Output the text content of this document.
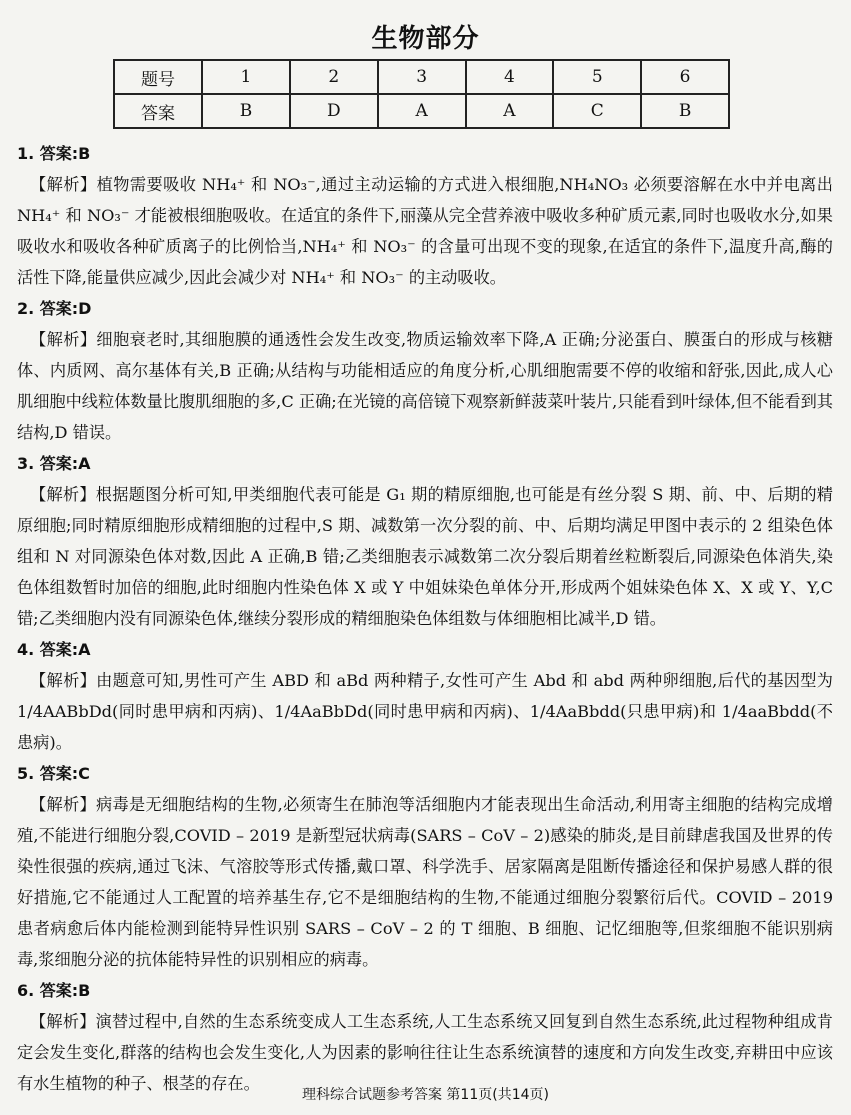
生物部分
题号	1	2	3	4	5	6
答案	B	D	A	A	C	B
1. 答案:B
【解析】植物需要吸收 NH₄⁺ 和 NO₃⁻,通过主动运输的方式进入根细胞,NH₄NO₃ 必须要溶解在水中并电离出 NH₄⁺ 和 NO₃⁻ 才能被根细胞吸收。在适宜的条件下,丽藻从完全营养液中吸收多种矿质元素,同时也吸收水分,如果吸收水和吸收各种矿质离子的比例恰当,NH₄⁺ 和 NO₃⁻ 的含量可出现不变的现象,在适宜的条件下,温度升高,酶的活性下降,能量供应减少,因此会减少对 NH₄⁺ 和 NO₃⁻ 的主动吸收。
2. 答案:D
【解析】细胞衰老时,其细胞膜的通透性会发生改变,物质运输效率下降,A 正确;分泌蛋白、膜蛋白的形成与核糖体、内质网、高尔基体有关,B 正确;从结构与功能相适应的角度分析,心肌细胞需要不停的收缩和舒张,因此,成人心肌细胞中线粒体数量比腹肌细胞的多,C 正确;在光镜的高倍镜下观察新鲜菠菜叶装片,只能看到叶绿体,但不能看到其结构,D 错误。
3. 答案:A
【解析】根据题图分析可知,甲类细胞代表可能是 G₁ 期的精原细胞,也可能是有丝分裂 S 期、前、中、后期的精原细胞;同时精原细胞形成精细胞的过程中,S 期、减数第一次分裂的前、中、后期均满足甲图中表示的 2 组染色体组和 N 对同源染色体对数,因此 A 正确,B 错;乙类细胞表示减数第二次分裂后期着丝粒断裂后,同源染色体消失,染色体组数暂时加倍的细胞,此时细胞内性染色体 X 或 Y 中姐妹染色单体分开,形成两个姐妹染色体 X、X 或 Y、Y,C 错;乙类细胞内没有同源染色体,继续分裂形成的精细胞染色体组数与体细胞相比减半,D 错。
4. 答案:A
【解析】由题意可知,男性可产生 ABD 和 aBd 两种精子,女性可产生 Abd 和 abd 两种卵细胞,后代的基因型为 1/4AABbDd(同时患甲病和丙病)、1/4AaBbDd(同时患甲病和丙病)、1/4AaBbdd(只患甲病)和 1/4aaBbdd(不患病)。
5. 答案:C
【解析】病毒是无细胞结构的生物,必须寄生在肺泡等活细胞内才能表现出生命活动,利用寄主细胞的结构完成增殖,不能进行细胞分裂,COVID – 2019 是新型冠状病毒(SARS – CoV – 2)感染的肺炎,是目前肆虐我国及世界的传染性很强的疾病,通过飞沫、气溶胶等形式传播,戴口罩、科学洗手、居家隔离是阻断传播途径和保护易感人群的很好措施,它不能通过人工配置的培养基生存,它不是细胞结构的生物,不能通过细胞分裂繁衍后代。COVID – 2019 患者病愈后体内能检测到能特异性识别 SARS – CoV – 2 的 T 细胞、B 细胞、记忆细胞等,但浆细胞不能识别病毒,浆细胞分泌的抗体能特异性的识别相应的病毒。
6. 答案:B
【解析】演替过程中,自然的生态系统变成人工生态系统,人工生态系统又回复到自然生态系统,此过程物种组成肯定会发生变化,群落的结构也会发生变化,人为因素的影响往往让生态系统演替的速度和方向发生改变,弃耕田中应该有水生植物的种子、根茎的存在。
理科综合试题参考答案 第11页(共14页)
